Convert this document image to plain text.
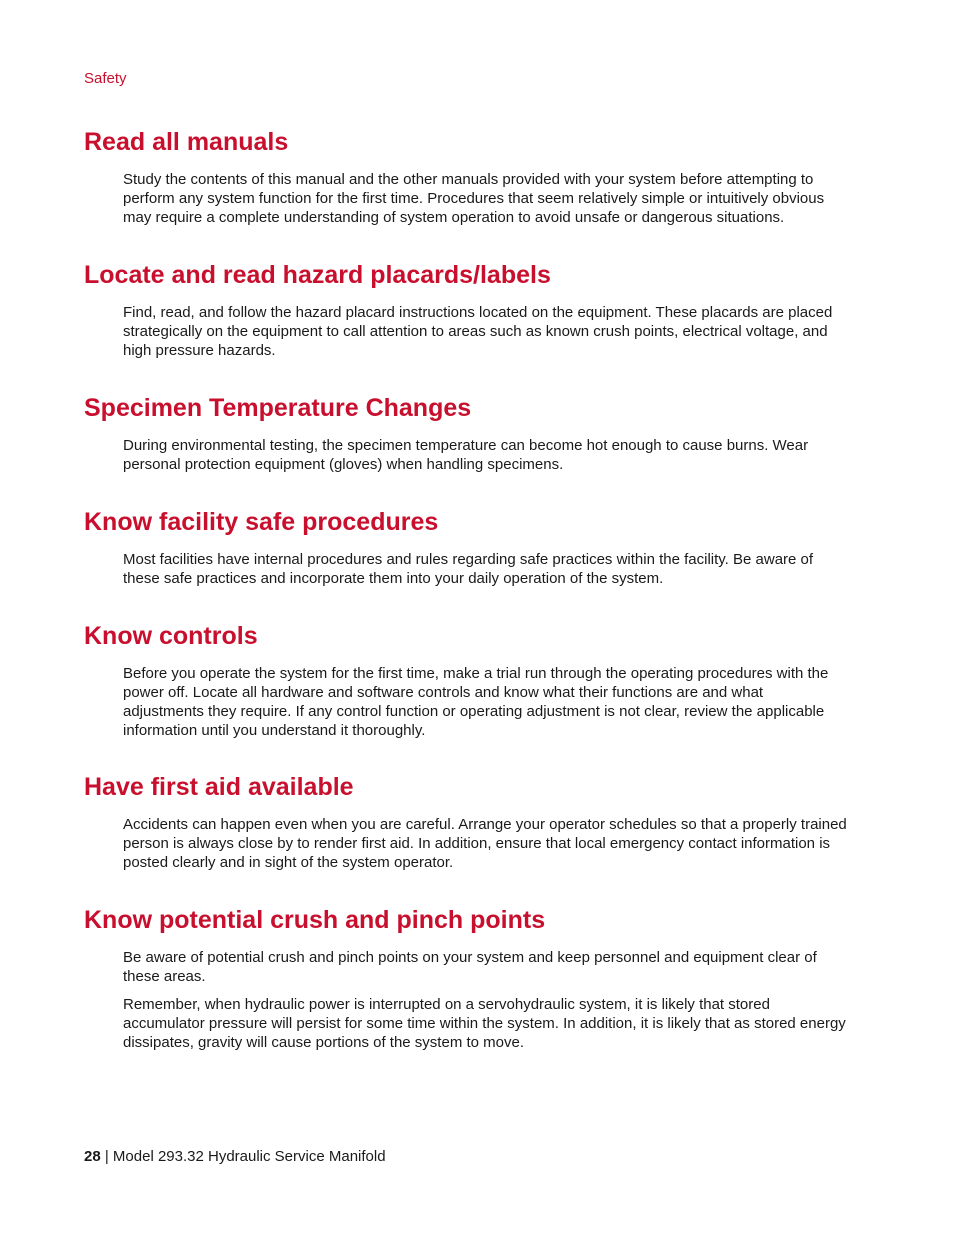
Safety
Read all manuals

Study the contents of this manual and the other manuals provided with your system before attempting to perform any system function for the first time. Procedures that seem relatively simple or intuitively obvious may require a complete understanding of system operation to avoid unsafe or dangerous situations.

Locate and read hazard placards/labels

Find, read, and follow the hazard placard instructions located on the equipment. These placards are placed strategically on the equipment to call attention to areas such as known crush points, electrical voltage, and high pressure hazards.

Specimen Temperature Changes

During environmental testing, the specimen temperature can become hot enough to cause burns. Wear personal protection equipment (gloves) when handling specimens.

Know facility safe procedures

Most facilities have internal procedures and rules regarding safe practices within the facility. Be aware of these safe practices and incorporate them into your daily operation of the system.

Know controls

Before you operate the system for the first time, make a trial run through the operating procedures with the power off. Locate all hardware and software controls and know what their functions are and what adjustments they require. If any control function or operating adjustment is not clear, review the applicable information until you understand it thoroughly.

Have first aid available

Accidents can happen even when you are careful. Arrange your operator schedules so that a properly trained person is always close by to render first aid. In addition, ensure that local emergency contact information is posted clearly and in sight of the system operator.

Know potential crush and pinch points

Be aware of potential crush and pinch points on your system and keep personnel and equipment clear of these areas.

Remember, when hydraulic power is interrupted on a servohydraulic system, it is likely that stored accumulator pressure will persist for some time within the system. In addition, it is likely that as stored energy dissipates, gravity will cause portions of the system to move.

28 | Model 293.32 Hydraulic Service Manifold
